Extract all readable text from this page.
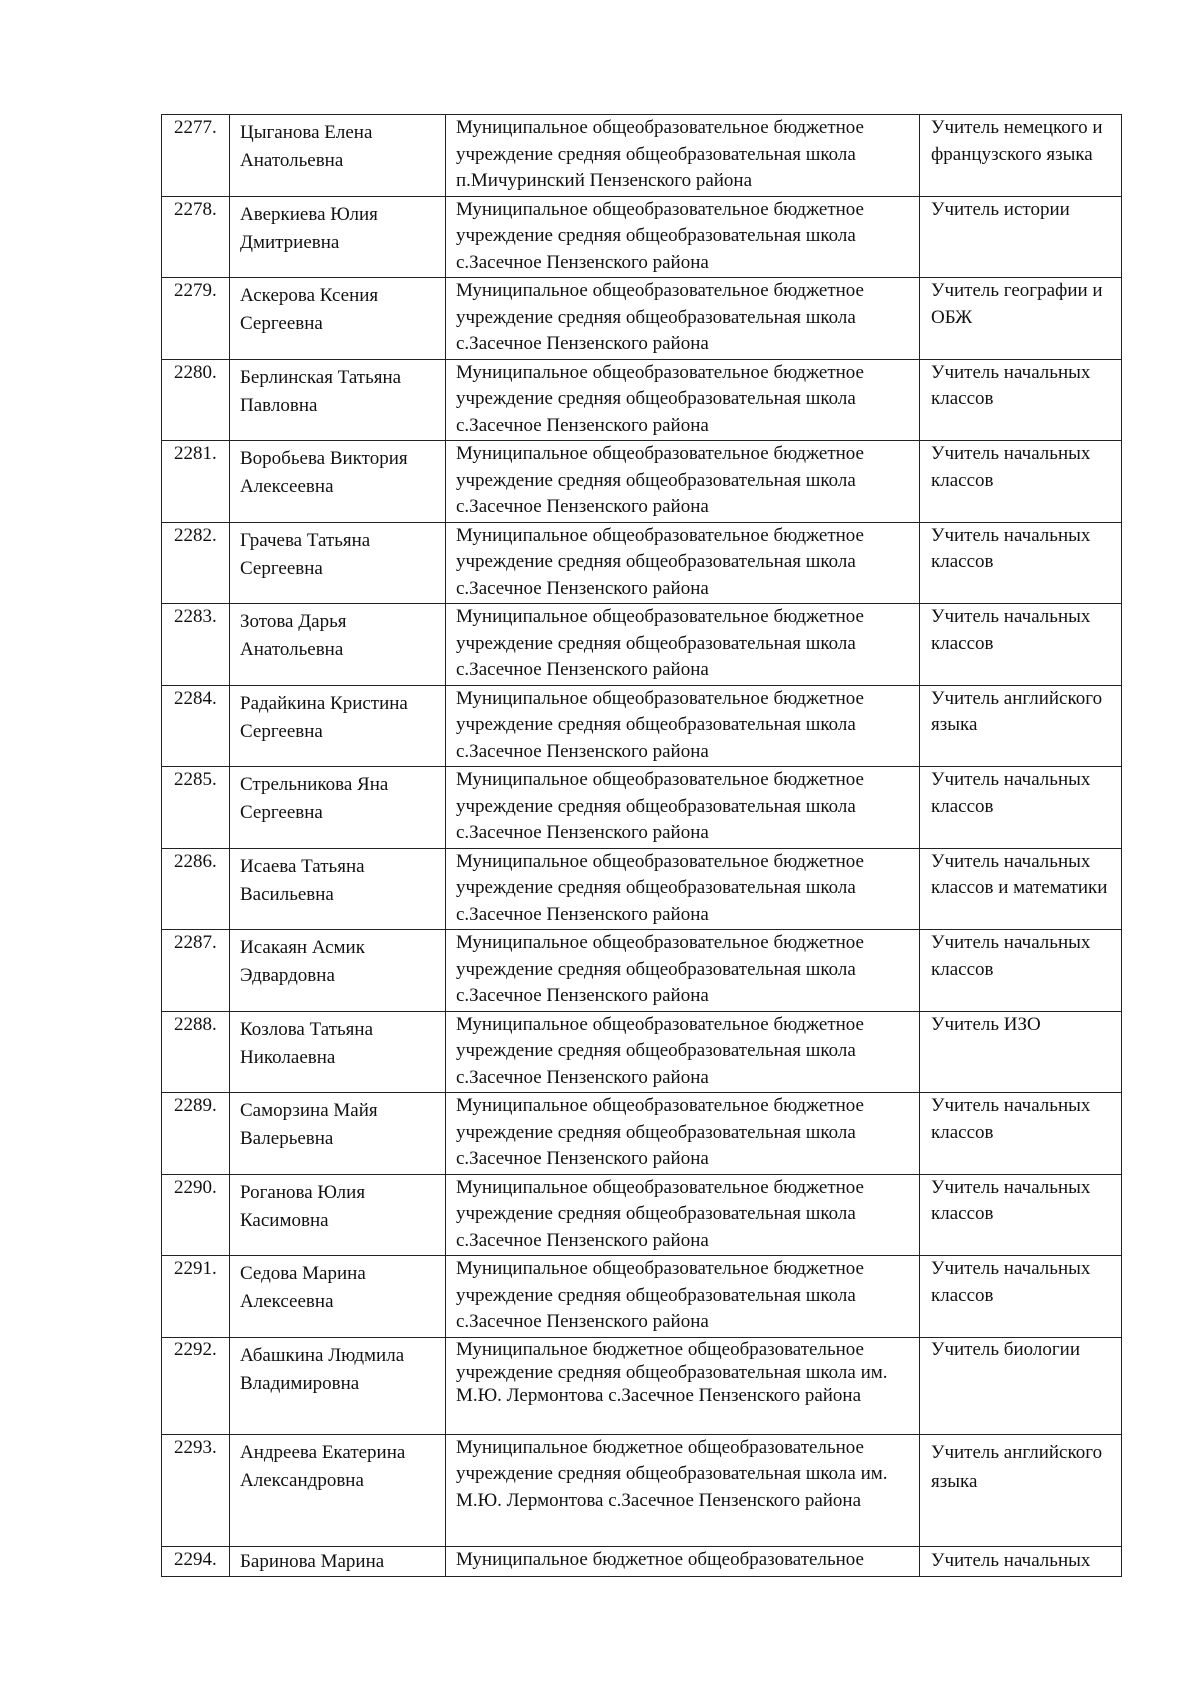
2277.	Цыганова Елена Анатольевна	Муниципальное общеобразовательное бюджетное учреждение средняя общеобразовательная школа п.Мичуринский Пензенского района	Учитель немецкого и французского языка
2278.	Аверкиева Юлия Дмитриевна	Муниципальное общеобразовательное бюджетное учреждение средняя общеобразовательная школа с.Засечное Пензенского района	Учитель истории
2279.	Аскерова Ксения Сергеевна	Муниципальное общеобразовательное бюджетное учреждение средняя общеобразовательная школа с.Засечное Пензенского района	Учитель географии и ОБЖ
2280.	Берлинская Татьяна Павловна	Муниципальное общеобразовательное бюджетное учреждение средняя общеобразовательная школа с.Засечное Пензенского района	Учитель начальных классов
2281.	Воробьева Виктория Алексеевна	Муниципальное общеобразовательное бюджетное учреждение средняя общеобразовательная школа с.Засечное Пензенского района	Учитель начальных классов
2282.	Грачева Татьяна Сергеевна	Муниципальное общеобразовательное бюджетное учреждение средняя общеобразовательная школа с.Засечное Пензенского района	Учитель начальных классов
2283.	Зотова Дарья Анатольевна	Муниципальное общеобразовательное бюджетное учреждение средняя общеобразовательная школа с.Засечное Пензенского района	Учитель начальных классов
2284.	Радайкина Кристина Сергеевна	Муниципальное общеобразовательное бюджетное учреждение средняя общеобразовательная школа с.Засечное Пензенского района	Учитель английского языка
2285.	Стрельникова Яна Сергеевна	Муниципальное общеобразовательное бюджетное учреждение средняя общеобразовательная школа с.Засечное Пензенского района	Учитель начальных классов
2286.	Исаева Татьяна Васильевна	Муниципальное общеобразовательное бюджетное учреждение средняя общеобразовательная школа с.Засечное Пензенского района	Учитель начальных классов и математики
2287.	Исакаян Асмик Эдвардовна	Муниципальное общеобразовательное бюджетное учреждение средняя общеобразовательная школа с.Засечное Пензенского района	Учитель начальных классов
2288.	Козлова Татьяна Николаевна	Муниципальное общеобразовательное бюджетное учреждение средняя общеобразовательная школа с.Засечное Пензенского района	Учитель ИЗО
2289.	Саморзина Майя Валерьевна	Муниципальное общеобразовательное бюджетное учреждение средняя общеобразовательная школа с.Засечное Пензенского района	Учитель начальных классов
2290.	Роганова Юлия Касимовна	Муниципальное общеобразовательное бюджетное учреждение средняя общеобразовательная школа с.Засечное Пензенского района	Учитель начальных классов
2291.	Седова Марина Алексеевна	Муниципальное общеобразовательное бюджетное учреждение средняя общеобразовательная школа с.Засечное Пензенского района	Учитель начальных классов
2292.	Абашкина Людмила Владимировна	Муниципальное бюджетное общеобразовательное учреждение средняя общеобразовательная школа им. М.Ю. Лермонтова с.Засечное Пензенского района	Учитель биологии
2293.	Андреева Екатерина Александровна	Муниципальное бюджетное общеобразовательное учреждение средняя общеобразовательная школа им. М.Ю. Лермонтова с.Засечное Пензенского района	Учитель английского языка
2294.	Баринова Марина	Муниципальное бюджетное общеобразовательное	Учитель начальных
